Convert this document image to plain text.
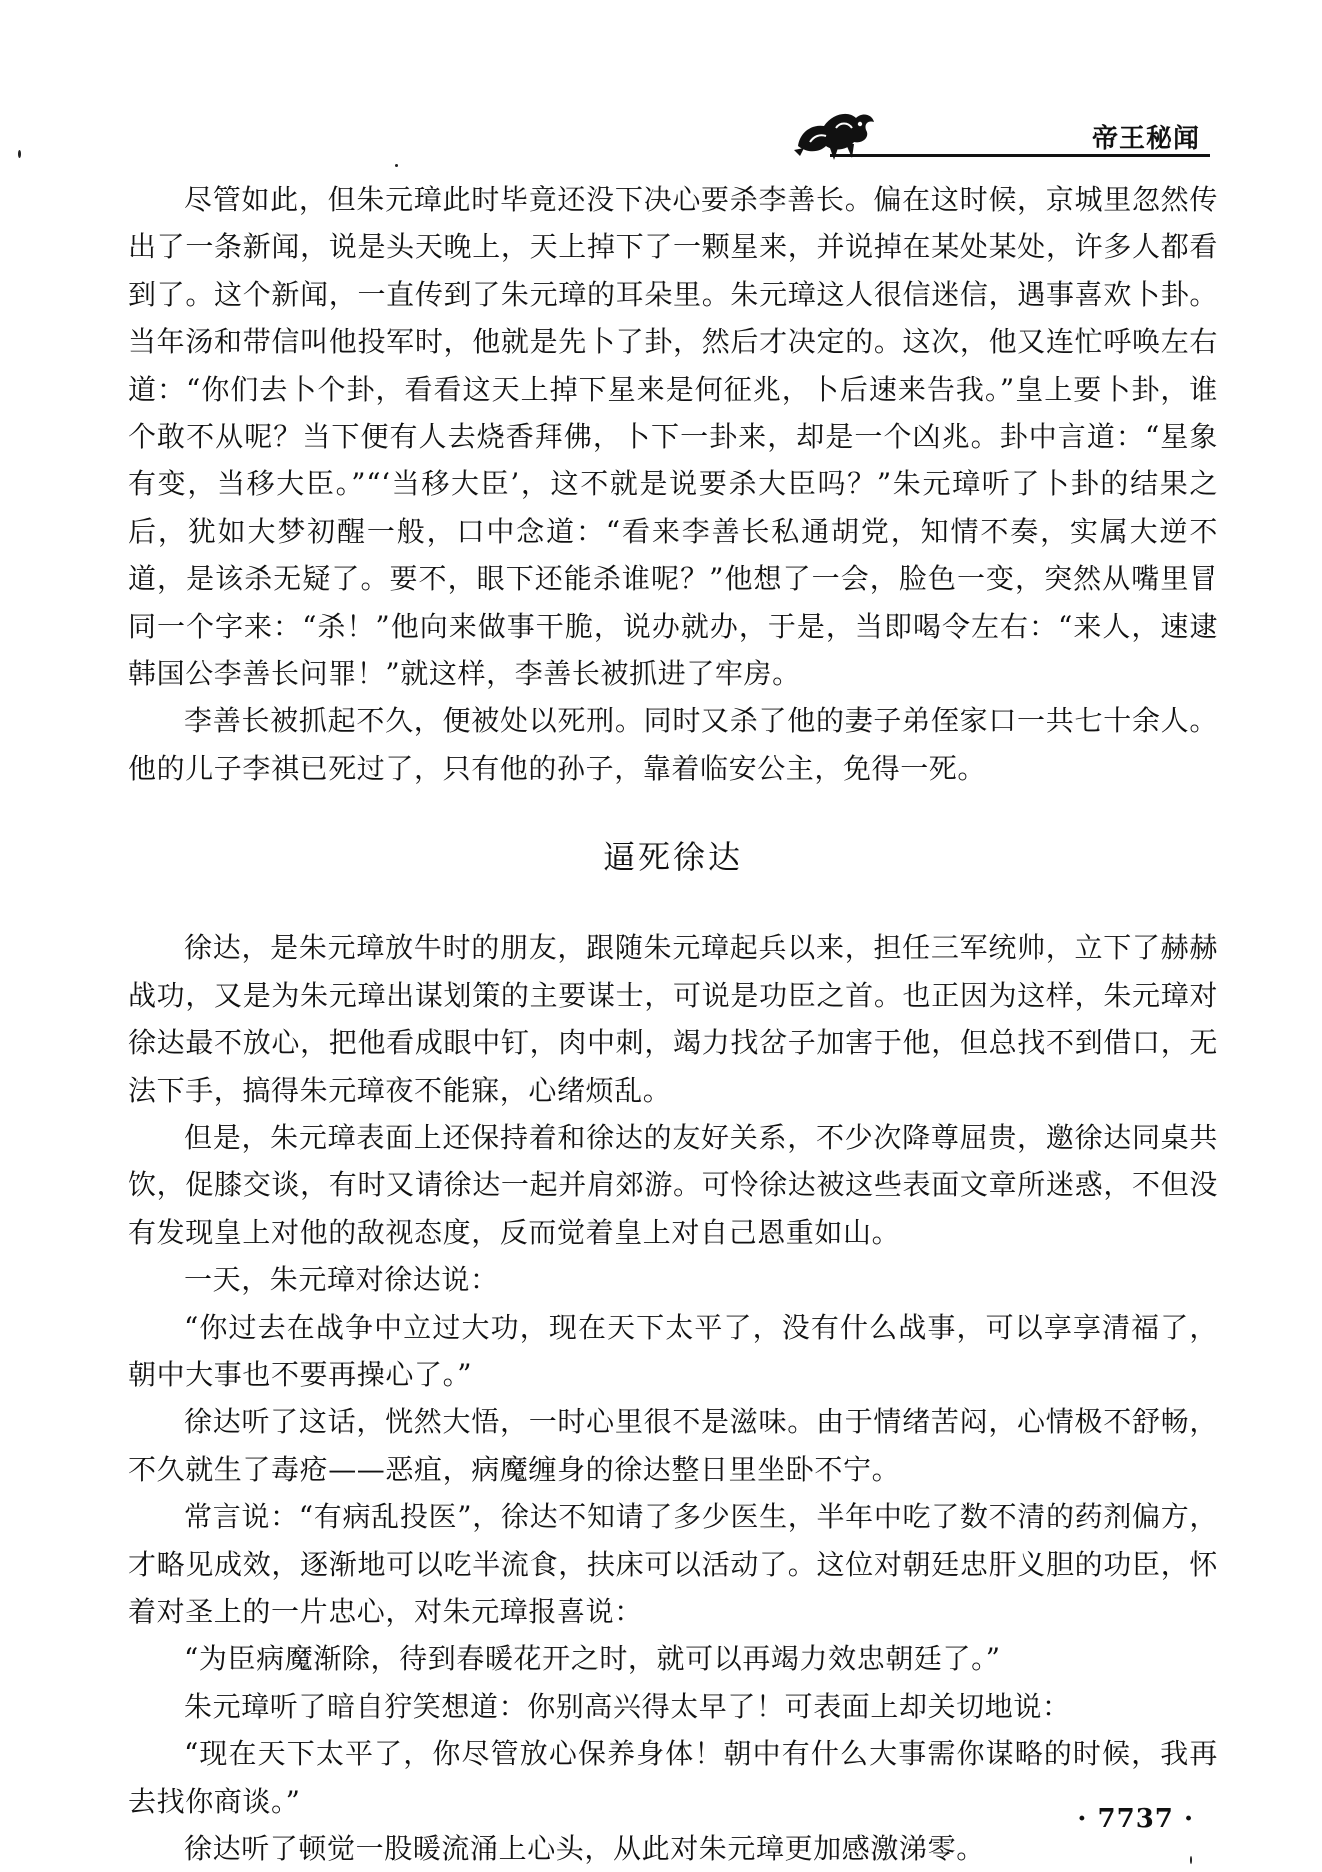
帝王秘闻

尽管如此，但朱元璋此时毕竟还没下决心要杀李善长。偏在这时候，京城里忽然传出了一条新闻，说是头天晚上，天上掉下了一颗星来，并说掉在某处某处，许多人都看到了。这个新闻，一直传到了朱元璋的耳朵里。朱元璋这人很信迷信，遇事喜欢卜卦。当年汤和带信叫他投军时，他就是先卜了卦，然后才决定的。这次，他又连忙呼唤左右道：“你们去卜个卦，看看这天上掉下星来是何征兆，卜后速来告我。”皇上要卜卦，谁个敢不从呢？当下便有人去烧香拜佛，卜下一卦来，却是一个凶兆。卦中言道：“星象有变，当移大臣。”“‘当移大臣’，这不就是说要杀大臣吗？”朱元璋听了卜卦的结果之后，犹如大梦初醒一般，口中念道：“看来李善长私通胡党，知情不奏，实属大逆不道，是该杀无疑了。要不，眼下还能杀谁呢？”他想了一会，脸色一变，突然从嘴里冒同一个字来：“杀！”他向来做事干脆，说办就办，于是，当即喝令左右：“来人，速逮韩国公李善长问罪！”就这样，李善长被抓进了牢房。

李善长被抓起不久，便被处以死刑。同时又杀了他的妻子弟侄家口一共七十余人。他的儿子李祺已死过了，只有他的孙子，靠着临安公主，免得一死。

逼死徐达

徐达，是朱元璋放牛时的朋友，跟随朱元璋起兵以来，担任三军统帅，立下了赫赫战功，又是为朱元璋出谋划策的主要谋士，可说是功臣之首。也正因为这样，朱元璋对徐达最不放心，把他看成眼中钉，肉中刺，竭力找岔子加害于他，但总找不到借口，无法下手，搞得朱元璋夜不能寐，心绪烦乱。

但是，朱元璋表面上还保持着和徐达的友好关系，不少次降尊屈贵，邀徐达同桌共饮，促膝交谈，有时又请徐达一起并肩郊游。可怜徐达被这些表面文章所迷惑，不但没有发现皇上对他的敌视态度，反而觉着皇上对自己恩重如山。

一天，朱元璋对徐达说：

“你过去在战争中立过大功，现在天下太平了，没有什么战事，可以享享清福了，朝中大事也不要再操心了。”

徐达听了这话，恍然大悟，一时心里很不是滋味。由于情绪苦闷，心情极不舒畅，不久就生了毒疮——恶疽，病魔缠身的徐达整日里坐卧不宁。

常言说：“有病乱投医”，徐达不知请了多少医生，半年中吃了数不清的药剂偏方，才略见成效，逐渐地可以吃半流食，扶床可以活动了。这位对朝廷忠肝义胆的功臣，怀着对圣上的一片忠心，对朱元璋报喜说：

“为臣病魔渐除，待到春暖花开之时，就可以再竭力效忠朝廷了。”

朱元璋听了暗自狞笑想道：你别高兴得太早了！可表面上却关切地说：

“现在天下太平了，你尽管放心保养身体！朝中有什么大事需你谋略的时候，我再去找你商谈。”

徐达听了顿觉一股暖流涌上心头，从此对朱元璋更加感激涕零。

· 7737 ·
